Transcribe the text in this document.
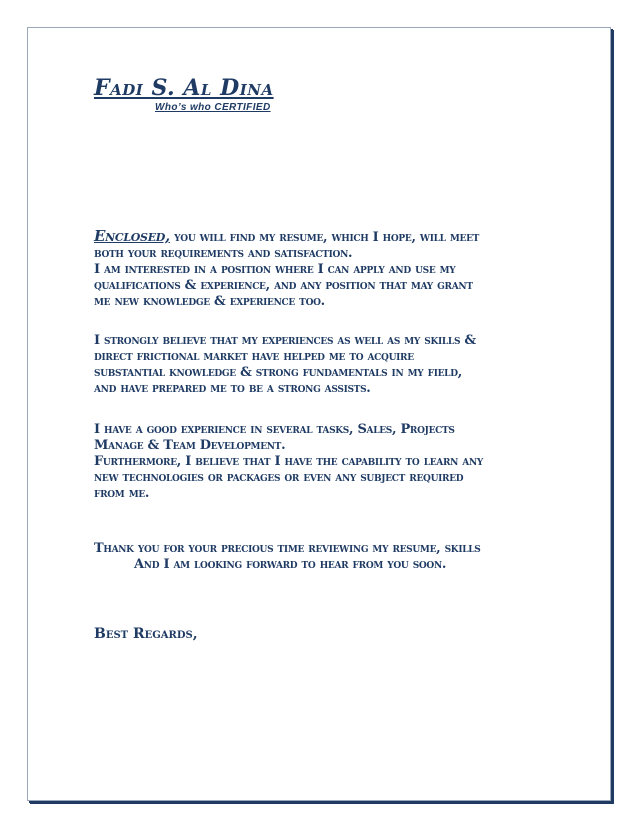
Fadi S. Al Dina
Who’s who CERTIFIED
Enclosed, you will find my resume, which I hope, will meet
both your requirements and satisfaction.
I am interested in a position where I can apply and use my
qualifications & experience, and any position that may grant
me new knowledge & experience too.
I strongly believe that my experiences as well as my skills &
direct frictional market have helped me to acquire
substantial knowledge & strong fundamentals in my field,
and have prepared me to be a strong assists.
I have a good experience in several tasks, Sales, Projects
Manage & Team Development.
Furthermore, I believe that I have the capability to learn any
new technologies or packages or even any subject required
from me.
Thank you for your precious time reviewing my resume, skills
And I am looking forward to hear from you soon.
Best Regards,
